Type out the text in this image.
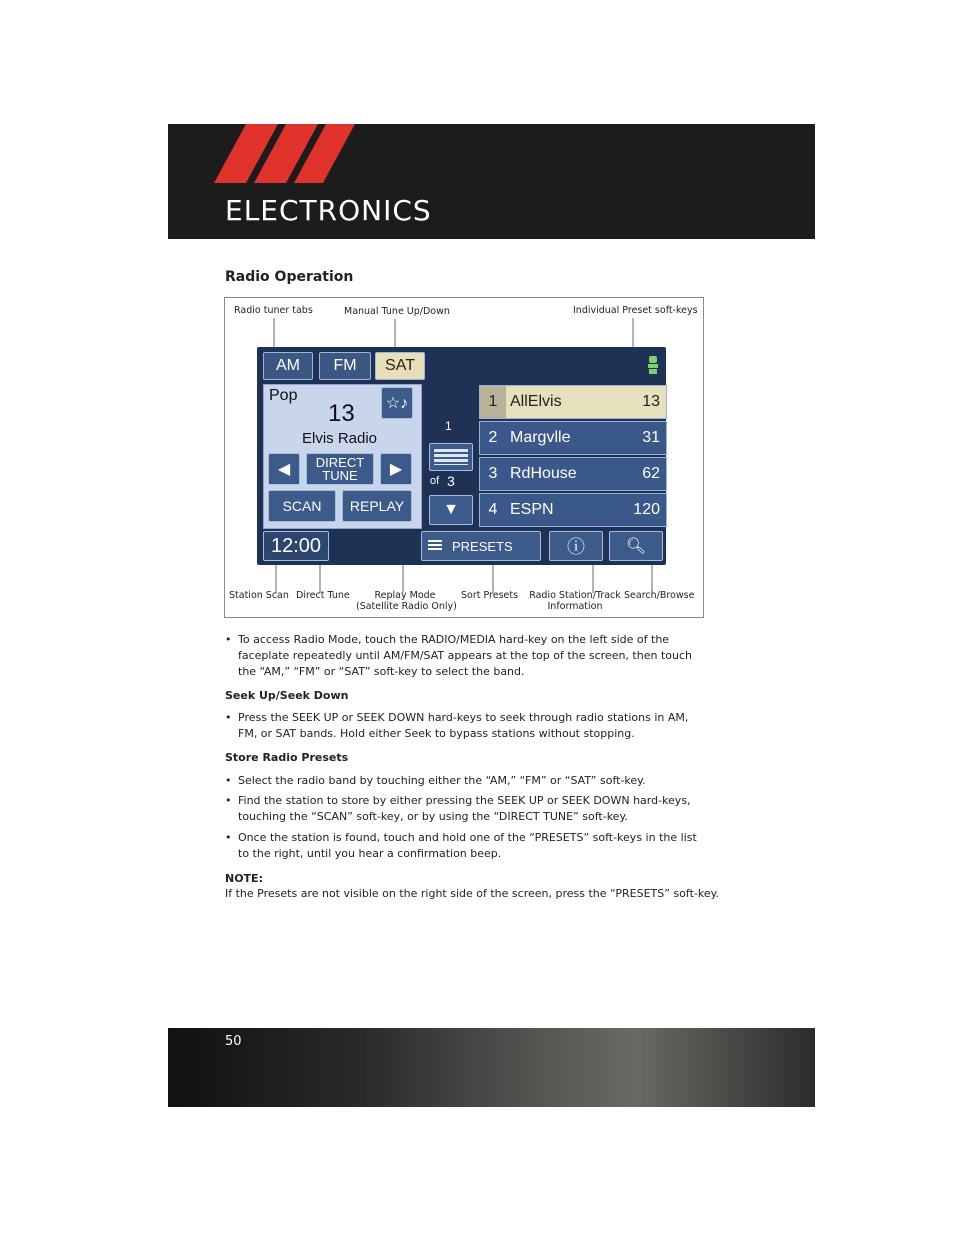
ELECTRONICS
Radio Operation
Radio tuner tabs	Manual Tune Up/Down	Individual Preset soft-keys
AM	FM	SAT
Pop
13
Elvis Radio
☆♪
◀ DIRECT
TUNE ▶
SCAN	REPLAY
1
of 3
▼
1 AllElvis	13
2 Margvlle	31
3 RdHouse	62
4 ESPN	120
12:00	PRESETS	ⓘ	🔍︎
Station Scan Direct Tune	Replay Mode
(Satellite Radio Only)
Sort Presets Radio Station/Track
Information
Search/Browse
• To access Radio Mode, touch the RADIO/MEDIA hard-key on the left side of the faceplate repeatedly until AM/FM/SAT appears at the top of the screen, then touch the “AM,” “FM” or “SAT” soft-key to select the band.
Seek Up/Seek Down
• Press the SEEK UP or SEEK DOWN hard-keys to seek through radio stations in AM, FM, or SAT bands. Hold either Seek to bypass stations without stopping.
Store Radio Presets
• Select the radio band by touching either the “AM,” “FM” or “SAT” soft-key.
• Find the station to store by either pressing the SEEK UP or SEEK DOWN hard-keys, touching the “SCAN” soft-key, or by using the “DIRECT TUNE” soft-key.
• Once the station is found, touch and hold one of the “PRESETS” soft-keys in the list to the right, until you hear a confirmation beep.
NOTE:
If the Presets are not visible on the right side of the screen, press the “PRESETS” soft-key.
50
